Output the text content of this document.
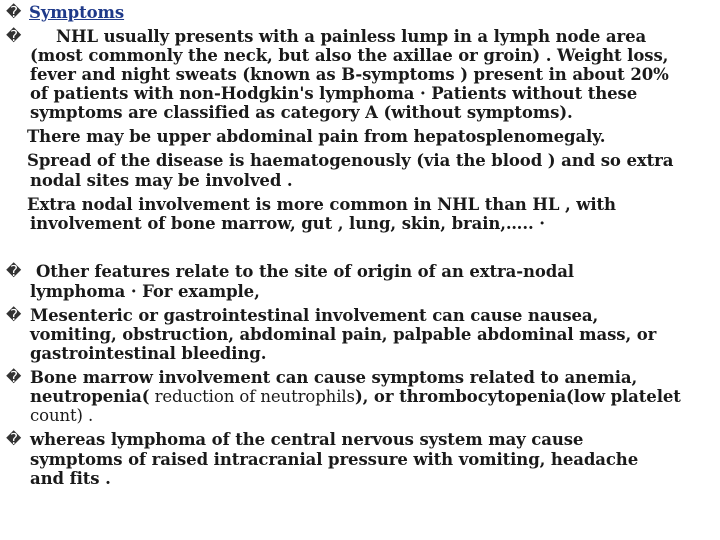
� Symptoms
� NHL usually presents with a painless lump in a lymph node area
(most commonly the neck, but also the axillae or groin) . Weight loss,
fever and night sweats (known as B-symptoms ) present in about 20%
of patients with non-Hodgkin's lymphoma · Patients without these
symptoms are classified as category A (without symptoms).
There may be upper abdominal pain from hepatosplenomegaly.
Spread of the disease is haematogenously (via the blood ) and so extra
nodal sites may be involved .
Extra nodal involvement is more common in NHL than HL , with
involvement of bone marrow, gut , lung, skin, brain,….. ·
� Other features relate to the site of origin of an extra-nodal
lymphoma · For example,
� Mesenteric or gastrointestinal involvement can cause nausea,
vomiting, obstruction, abdominal pain, palpable abdominal mass, or
gastrointestinal bleeding.
� Bone marrow involvement can cause symptoms related to anemia,
neutropenia( reduction of neutrophils), or thrombocytopenia(low platelet
count) .
� whereas lymphoma of the central nervous system may cause
symptoms of raised intracranial pressure with vomiting, headache
and fits .
